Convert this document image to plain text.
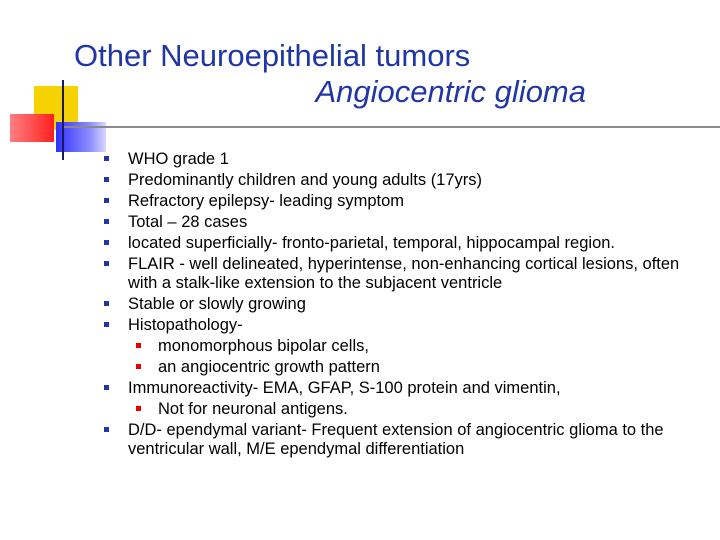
Other Neuroepithelial tumors
Angiocentric glioma
WHO grade 1
Predominantly children and young adults (17yrs)
Refractory epilepsy- leading symptom
Total – 28 cases
located superficially- fronto-parietal, temporal, hippocampal region.
FLAIR - well delineated, hyperintense, non-enhancing cortical lesions, often with a stalk-like extension to the subjacent ventricle
Stable or slowly growing
Histopathology-
monomorphous bipolar cells,
an angiocentric growth pattern
Immunoreactivity- EMA, GFAP, S-100 protein and vimentin,
Not for neuronal antigens.
D/D- ependymal variant- Frequent extension of angiocentric glioma to the ventricular wall, M/E ependymal differentiation
